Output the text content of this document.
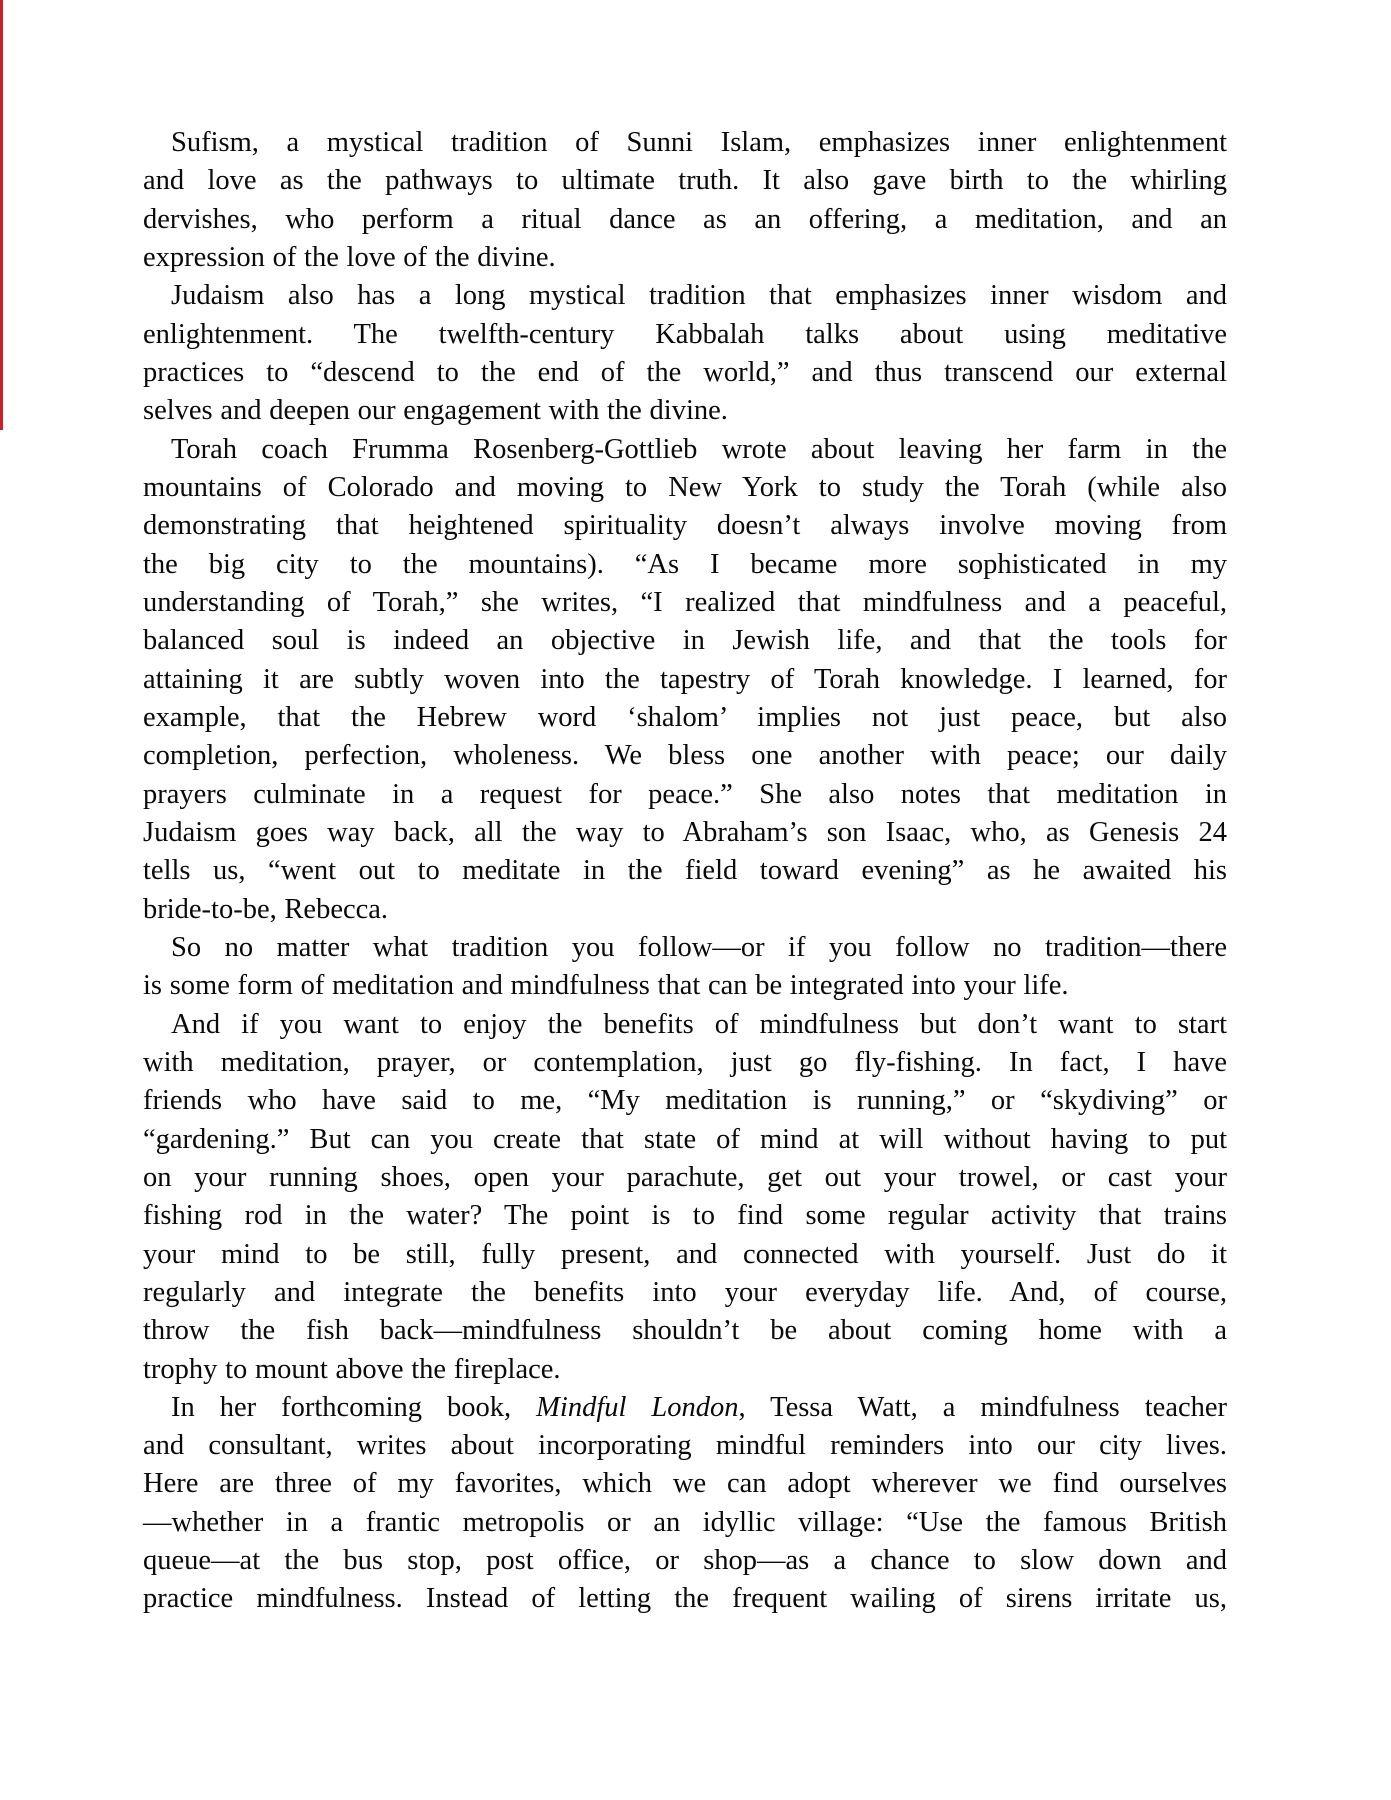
Sufism, a mystical tradition of Sunni Islam, emphasizes inner enlightenment
and love as the pathways to ultimate truth. It also gave birth to the whirling
dervishes, who perform a ritual dance as an offering, a meditation, and an
expression of the love of the divine.
Judaism also has a long mystical tradition that emphasizes inner wisdom and
enlightenment. The twelfth-century Kabbalah talks about using meditative
practices to “descend to the end of the world,” and thus transcend our external
selves and deepen our engagement with the divine.
Torah coach Frumma Rosenberg-Gottlieb wrote about leaving her farm in the
mountains of Colorado and moving to New York to study the Torah (while also
demonstrating that heightened spirituality doesn’t always involve moving from
the big city to the mountains). “As I became more sophisticated in my
understanding of Torah,” she writes, “I realized that mindfulness and a peaceful,
balanced soul is indeed an objective in Jewish life, and that the tools for
attaining it are subtly woven into the tapestry of Torah knowledge. I learned, for
example, that the Hebrew word ‘shalom’ implies not just peace, but also
completion, perfection, wholeness. We bless one another with peace; our daily
prayers culminate in a request for peace.” She also notes that meditation in
Judaism goes way back, all the way to Abraham’s son Isaac, who, as Genesis 24
tells us, “went out to meditate in the field toward evening” as he awaited his
bride-to-be, Rebecca.
So no matter what tradition you follow—or if you follow no tradition—there
is some form of meditation and mindfulness that can be integrated into your life.
And if you want to enjoy the benefits of mindfulness but don’t want to start
with meditation, prayer, or contemplation, just go fly-fishing. In fact, I have
friends who have said to me, “My meditation is running,” or “skydiving” or
“gardening.” But can you create that state of mind at will without having to put
on your running shoes, open your parachute, get out your trowel, or cast your
fishing rod in the water? The point is to find some regular activity that trains
your mind to be still, fully present, and connected with yourself. Just do it
regularly and integrate the benefits into your everyday life. And, of course,
throw the fish back—mindfulness shouldn’t be about coming home with a
trophy to mount above the fireplace.
In her forthcoming book, Mindful London, Tessa Watt, a mindfulness teacher
and consultant, writes about incorporating mindful reminders into our city lives.
Here are three of my favorites, which we can adopt wherever we find ourselves
—whether in a frantic metropolis or an idyllic village: “Use the famous British
queue—at the bus stop, post office, or shop—as a chance to slow down and
practice mindfulness. Instead of letting the frequent wailing of sirens irritate us,
